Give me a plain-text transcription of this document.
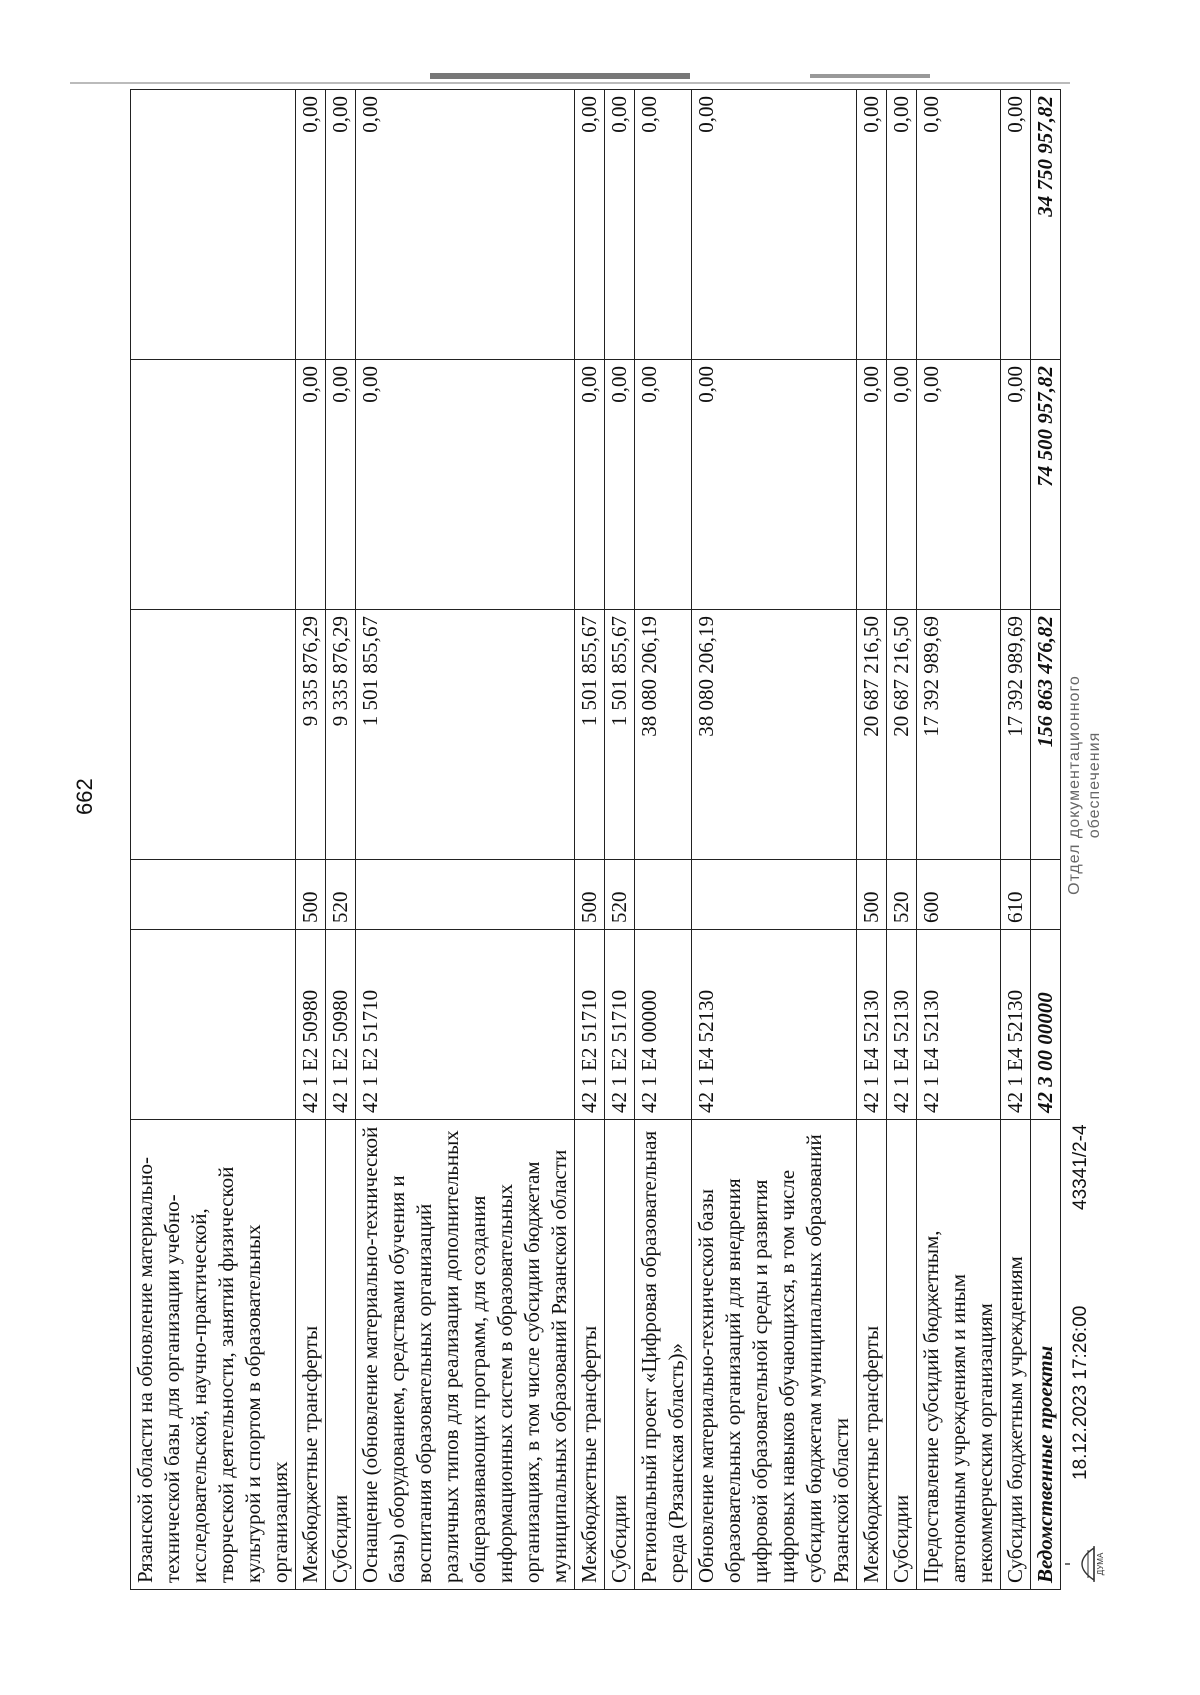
662
Рязанской области на обновление материально-технической базы для организации учебно-исследовательской, научно-практической, творческой деятельности, занятий физической культурой и спортом в образовательных организациях					
Межбюджетные трансферты	42 1 E2 50980	500	9 335 876,29	0,00	0,00
Субсидии	42 1 E2 50980	520	9 335 876,29	0,00	0,00
Оснащение (обновление материально-технической базы) оборудованием, средствами обучения и воспитания образовательных организаций различных типов для реализации дополнительных общеразвивающих программ, для создания информационных систем в образовательных организациях, в том числе субсидии бюджетам муниципальных образований Рязанской области	42 1 E2 51710		1 501 855,67	0,00	0,00
Межбюджетные трансферты	42 1 E2 51710	500	1 501 855,67	0,00	0,00
Субсидии	42 1 E2 51710	520	1 501 855,67	0,00	0,00
Региональный проект «Цифровая образовательная среда (Рязанская область)»	42 1 E4 00000		38 080 206,19	0,00	0,00
Обновление материально-технической базы образовательных организаций для внедрения цифровой образовательной среды и развития цифровых навыков обучающихся, в том числе субсидии бюджетам муниципальных образований Рязанской области	42 1 E4 52130		38 080 206,19	0,00	0,00
Межбюджетные трансферты	42 1 E4 52130	500	20 687 216,50	0,00	0,00
Субсидии	42 1 E4 52130	520	20 687 216,50	0,00	0,00
Предоставление субсидий бюджетным, автономным учреждениям и иным некоммерческим организациям	42 1 E4 52130	600	17 392 989,69	0,00	0,00
Субсидии бюджетным учреждениям	42 1 E4 52130	610	17 392 989,69	0,00	0,00
Ведомственные проекты	42 3 00 00000		156 863 476,82	74 500 957,82	34 750 957,82
Отдел документационного обеспечения
ДУМА
18.12.2023 17:26:00
43341/2-4
